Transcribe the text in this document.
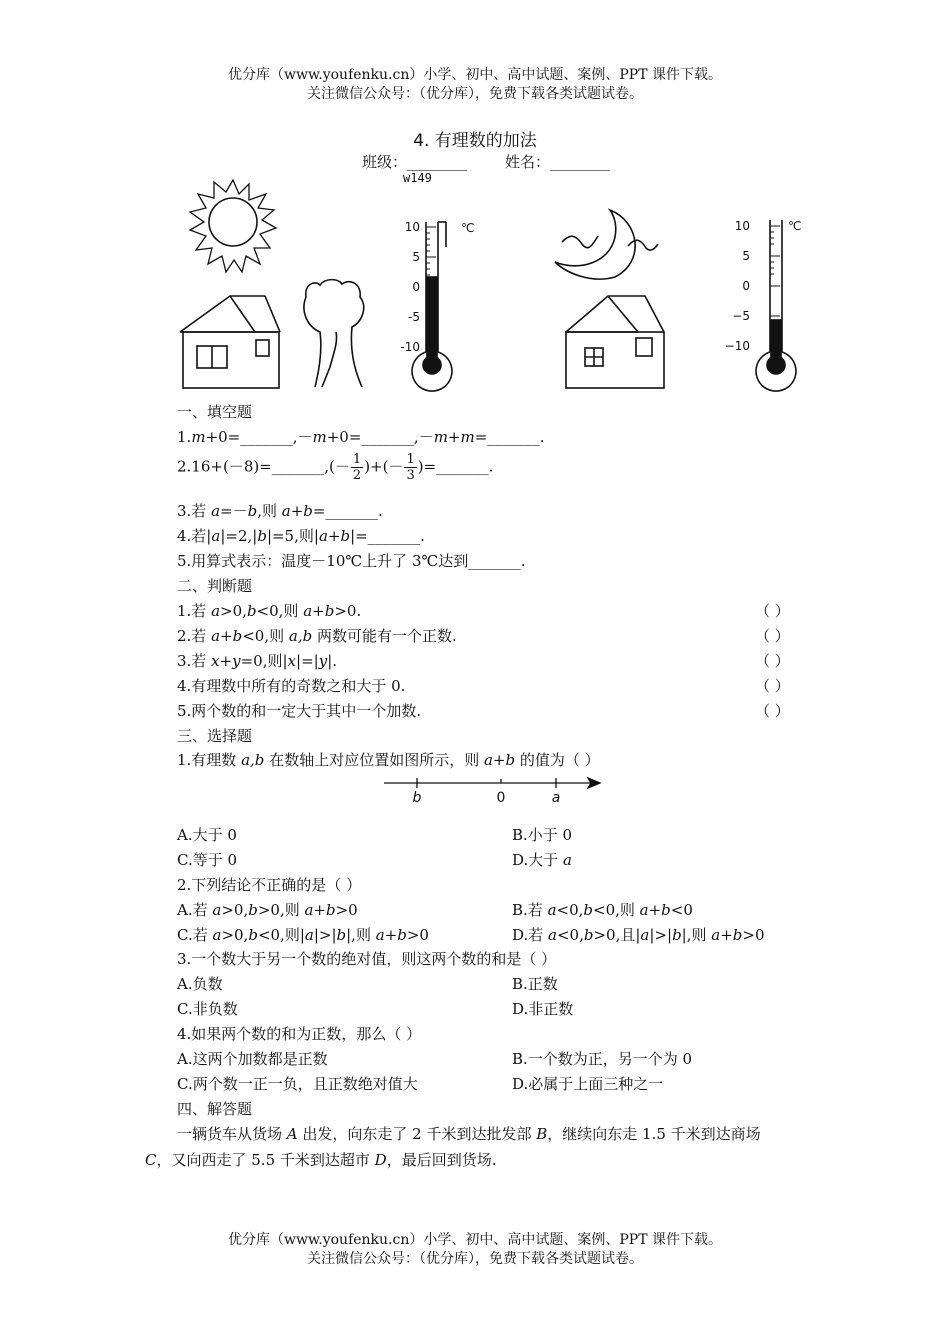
优分库（www.youfenku.cn）小学、初中、高中试题、案例、PPT 课件下载。
关注微信公众号：（优分库），免费下载各类试题试卷。
4. 有理数的加法
班级：________	姓名：________
w149
10
5
0
-5
-10
℃	10
5
0
−5
−10
℃
一、填空题
1.m+0=_______,－m+0=_______,－m+m=_______.
2.16+(－8)=_______,(－ $\frac{1}{2}$ )+(－ $\frac{1}{3}$ )=_______.
3.若 a=－b,则 a+b=_______.
4.若|a|=2,|b|=5,则|a+b|=_______.
5.用算式表示：温度－10℃上升了 3℃达到_______.
二、判断题
1.若 a>0,b<0,则 a+b>0.	（ ）
2.若 a+b<0,则 a,b 两数可能有一个正数.	（ ）
3.若 x+y=0,则|x|=|y|.	（ ）
4.有理数中所有的奇数之和大于 0.	（ ）
5.两个数的和一定大于其中一个加数.	（ ）
三、选择题
1.有理数 a,b 在数轴上对应位置如图所示，则 a+b 的值为（ ）
b	0	a
A.大于 0	B.小于 0
C.等于 0	D.大于 a
2.下列结论不正确的是（ ）
A.若 a>0,b>0,则 a+b>0	B.若 a<0,b<0,则 a+b<0
C.若 a>0,b<0,则|a|>|b|,则 a+b>0	D.若 a<0,b>0,且|a|>|b|,则 a+b>0
3.一个数大于另一个数的绝对值，则这两个数的和是（ ）
A.负数	B.正数
C.非负数	D.非正数
4.如果两个数的和为正数，那么（ ）
A.这两个加数都是正数	B.一个数为正，另一个为 0
C.两个数一正一负，且正数绝对值大	D.必属于上面三种之一
四、解答题
一辆货车从货场 A 出发，向东走了 2 千米到达批发部 B，继续向东走 1.5 千米到达商场
C，又向西走了 5.5 千米到达超市 D，最后回到货场.
优分库（www.youfenku.cn）小学、初中、高中试题、案例、PPT 课件下载。
关注微信公众号：（优分库），免费下载各类试题试卷。
